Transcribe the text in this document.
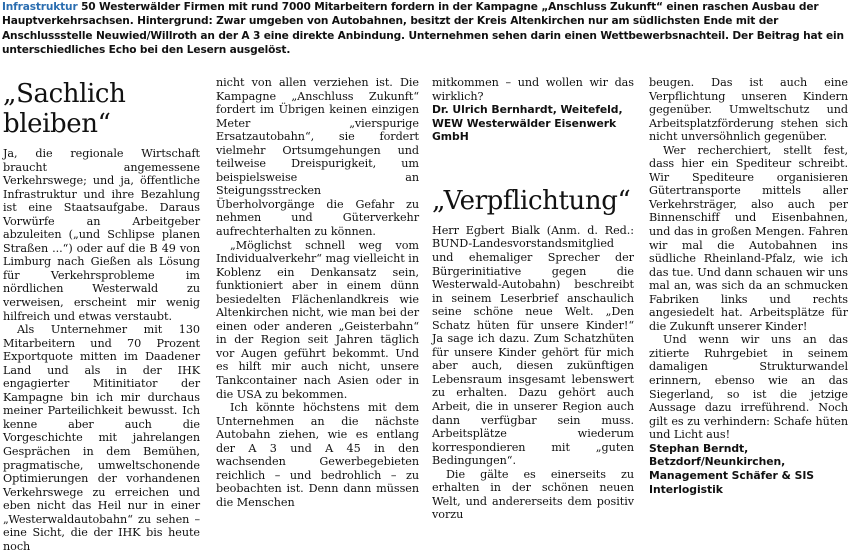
Infrastruktur 50 Westerwälder Firmen mit rund 7000 Mitarbeitern fordern in der Kampagne „Anschluss Zukunft“ einen raschen Ausbau der Hauptverkehrsachsen. Hintergrund: Zwar umgeben von Autobahnen, besitzt der Kreis Altenkirchen nur am südlichsten Ende mit der Anschlussstelle Neuwied/Willroth an der A 3 eine direkte Anbindung. Unternehmen sehen darin einen Wettbewerbsnachteil. Der Beitrag hat ein unterschiedliches Echo bei den Lesern ausgelöst.
„Sachlich bleiben“

Ja, die regionale Wirtschaft braucht angemessene Verkehrswege; und ja, öffentliche Infrastruktur und ihre Bezahlung ist eine Staatsaufgabe. Daraus Vorwürfe an Arbeitgeber abzuleiten („und Schlipse planen Straßen ...“) oder auf die B 49 von Limburg nach Gießen als Lösung für Verkehrsprobleme im nördlichen Westerwald zu verweisen, erscheint mir wenig hilfreich und etwas verstaubt.

Als Unternehmer mit 130 Mitarbeitern und 70 Prozent Exportquote mitten im Daadener Land und als in der IHK engagierter Mitinitiator der Kampagne bin ich mir durchaus meiner Parteilichkeit bewusst. Ich kenne aber auch die Vorgeschichte mit jahrelangen Gesprächen in dem Bemühen, pragmatische, umweltschonende Optimierungen der vorhandenen Verkehrswege zu erreichen und eben nicht das Heil nur in einer „Westerwaldautobahn“ zu sehen – eine Sicht, die der IHK bis heute noch

nicht von allen verziehen ist. Die Kampagne „Anschluss Zukunft“ fordert im Übrigen keinen einzigen Meter „vierspurige Ersatzautobahn“, sie fordert vielmehr Ortsumgehungen und teilweise Dreispurigkeit, um beispielsweise an Steigungsstrecken Überholvorgänge die Gefahr zu nehmen und Güterverkehr aufrechterhalten zu können.

„Möglichst schnell weg vom Individualverkehr“ mag vielleicht in Koblenz ein Denkansatz sein, funktioniert aber in einem dünn besiedelten Flächenlandkreis wie Altenkirchen nicht, wie man bei der einen oder anderen „Geisterbahn“ in der Region seit Jahren täglich vor Augen geführt bekommt. Und es hilft mir auch nicht, unsere Tankcontainer nach Asien oder in die USA zu bekommen.

Ich könnte höchstens mit dem Unternehmen an die nächste Autobahn ziehen, wie es entlang der A 3 und A 45 in den wachsenden Gewerbegebieten reichlich – und bedrohlich – zu beobachten ist. Denn dann müssen die Menschen

mitkommen – und wollen wir das wirklich?

Dr. Ulrich Bernhardt, Weitefeld, WEW Westerwälder Eisenwerk GmbH

„Verpflichtung“

Herr Egbert Bialk (Anm. d. Red.: BUND-Landesvorstandsmitglied und ehemaliger Sprecher der Bürgerinitiative gegen die Westerwald-Autobahn) beschreibt in seinem Leserbrief anschaulich seine schöne neue Welt. „Den Schatz hüten für unsere Kinder!“ Ja sage ich dazu. Zum Schatzhüten für unsere Kinder gehört für mich aber auch, diesen zukünftigen Lebensraum insgesamt lebenswert zu erhalten. Dazu gehört auch Arbeit, die in unserer Region auch dann verfügbar sein muss. Arbeitsplätze wiederum korrespondieren mit „guten Bedingungen“.

Die gälte es einerseits zu erhalten in der schönen neuen Welt, und andererseits dem positiv vorzu

beugen. Das ist auch eine Verpflichtung unseren Kindern gegenüber. Umweltschutz und Arbeitsplatzförderung stehen sich nicht unversöhnlich gegenüber.

Wer recherchiert, stellt fest, dass hier ein Spediteur schreibt. Wir Spediteure organisieren Gütertransporte mittels aller Verkehrsträger, also auch per Binnenschiff und Eisenbahnen, und das in großen Mengen. Fahren wir mal die Autobahnen ins südliche Rheinland-Pfalz, wie ich das tue. Und dann schauen wir uns mal an, was sich da an schmucken Fabriken links und rechts angesiedelt hat. Arbeitsplätze für die Zukunft unserer Kinder!

Und wenn wir uns an das zitierte Ruhrgebiet in seinem damaligen Strukturwandel erinnern, ebenso wie an das Siegerland, so ist die jetzige Aussage dazu irreführend. Noch gilt es zu verhindern: Schafe hüten und Licht aus!

Stephan Berndt, Betzdorf/Neunkirchen, Management Schäfer & SIS Interlogistik
